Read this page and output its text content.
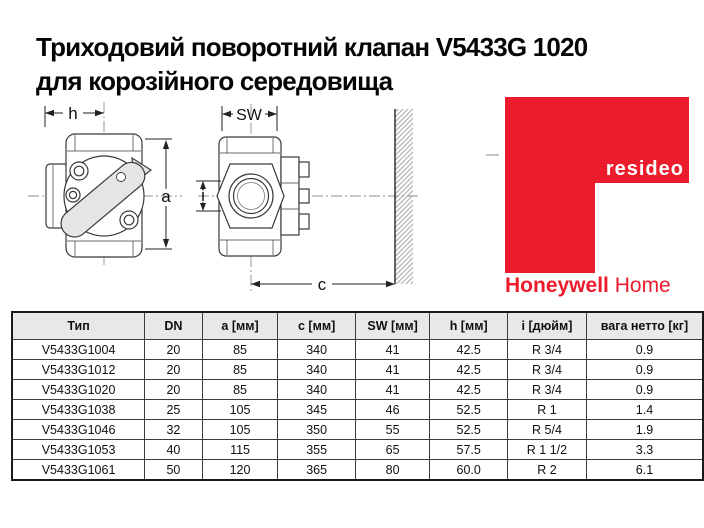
Триходовий поворотний клапан V5433G 1020
для корозійного середовища
h
a
SW
i
c
resideo
Honeywell Home
Тип	DN	a [мм]	c [мм]	SW [мм]	h [мм]	i [дюйм]	вага нетто [кг]
V5433G1004	20	85	340	41	42.5	R 3/4	0.9
V5433G1012	20	85	340	41	42.5	R 3/4	0.9
V5433G1020	20	85	340	41	42.5	R 3/4	0.9
V5433G1038	25	105	345	46	52.5	R 1	1.4
V5433G1046	32	105	350	55	52.5	R 5/4	1.9
V5433G1053	40	115	355	65	57.5	R 1 1/2	3.3
V5433G1061	50	120	365	80	60.0	R 2	6.1
